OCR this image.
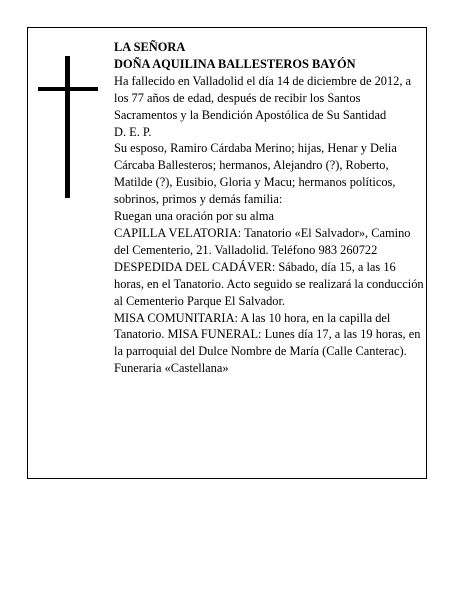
LA SEÑORA

DOÑA AQUILINA BALLESTEROS BAYÓN

Ha fallecido en Valladolid el día 14 de diciembre de 2012, a los 77 años de edad, después de recibir los Santos Sacramentos y la Bendición Apostólica de Su Santidad

D. E. P.

Su esposo, Ramiro Cárdaba Merino; hijas, Henar y Delia Cárcaba Ballesteros; hermanos, Alejandro (?), Roberto, Matilde (?), Eusibio, Gloria y Macu; hermanos políticos, sobrinos, primos y demás familia:

Ruegan una oración por su alma

CAPILLA VELATORIA: Tanatorio «El Salvador», Camino del Cementerio, 21. Valladolid. Teléfono 983 260722

DESPEDIDA DEL CADÁVER: Sábado, día 15, a las 16 horas, en el Tanatorio. Acto seguido se realizará la conducción al Cementerio Parque El Salvador.

MISA COMUNITARIA: A las 10 hora, en la capilla del Tanatorio. MISA FUNERAL: Lunes día 17, a las 19 horas, en la parroquial del Dulce Nombre de María (Calle Canterac).

Funeraria «Castellana»
